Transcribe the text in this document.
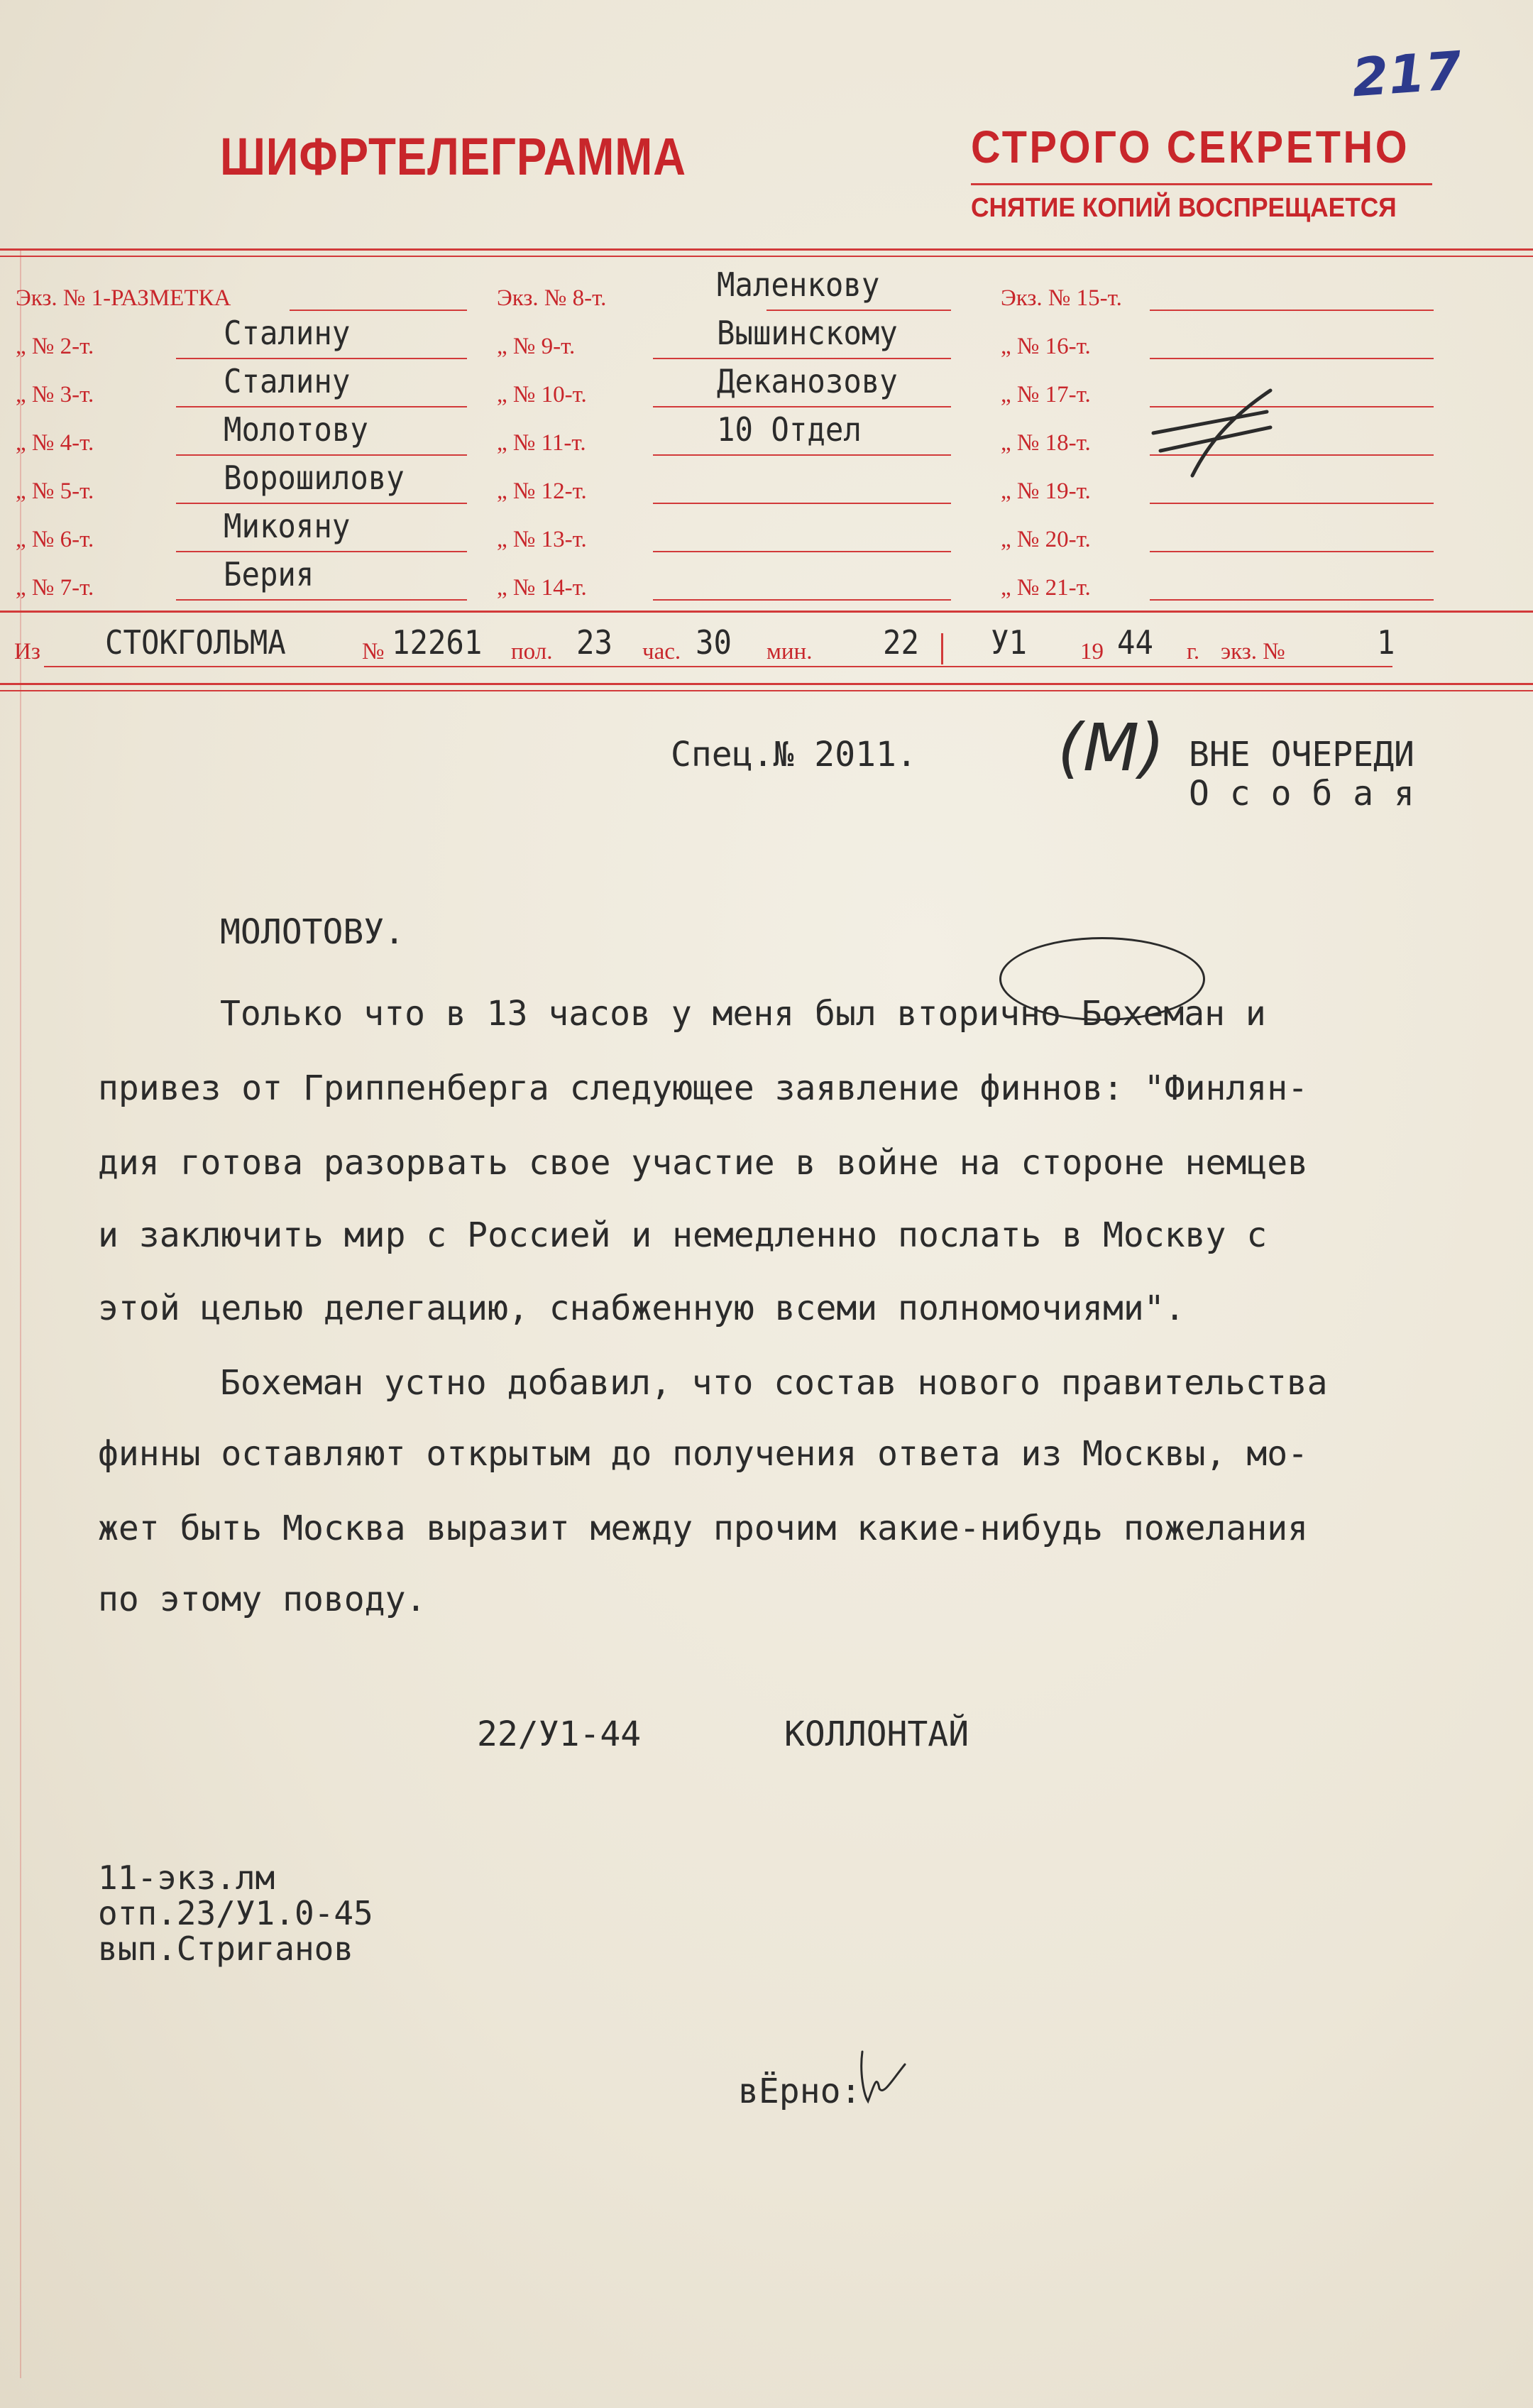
217
ШИФРТЕЛЕГРАММА	СТРОГО СЕКРЕТНО
СНЯТИЕ КОПИЙ ВОСПРЕЩАЕТСЯ
Экз. № 1-РАЗМЕТКА
„ № 2-т.	Сталину
„ № 3-т.	Сталину
„ № 4-т.	Молотову
„ № 5-т.	Ворошилову
„ № 6-т.	Микояну
„ № 7-т.	Берия
Экз. № 8-т.	Маленкову
„ № 9-т.	Вышинскому
„ № 10-т.	Деканозову
„ № 11-т.	10 Отдел
„ № 12-т.
„ № 13-т.
„ № 14-т.
Экз. № 15-т.
„ № 16-т.
„ № 17-т.
„ № 18-т.
„ № 19-т.
„ № 20-т.
„ № 21-т.
Из СТОКГОЛЬМА	№ 12261 пол. 23 час. 30 мин. 22 У1 19 44 г. экз. №	1
Спец.№ 2011. (М) ВНЕ ОЧЕРЕДИ
О с о б а я
МОЛОТОВУ.
Только что в 13 часов у меня был вторично Бохеман и
привез от Гриппенберга следующее заявление финнов: "Финлян-
дия готова разорвать свое участие в войне на стороне немцев
и заключить мир с Россией и немедленно послать в Москву с
этой целью делегацию, снабженную всеми полномочиями".
Бохеман устно добавил, что состав нового правительства
финны оставляют открытым до получения ответа из Москвы, мо-
жет быть Москва выразит между прочим какие-нибудь пожелания
по этому поводу.
22/У1-44	КОЛЛОНТАЙ
11-экз.лм
отп.23/У1.0-45
вып.Стриганов
вЁрно:
